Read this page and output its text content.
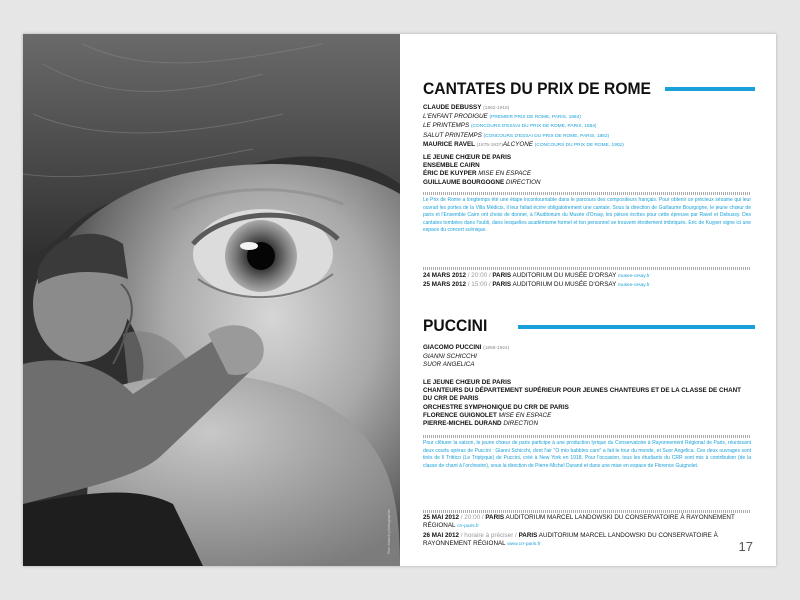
Ron Mueck photographie
CANTATES DU PRIX DE ROME
CLAUDE DEBUSSY (1862-1918)
L'ENFANT PRODIGUE (PREMIER PRIX DE ROME, PARIS, 1884)
LE PRINTEMPS (CONCOURS D'ESSAI DU PRIX DE ROME, PARIS, 1884)
SALUT PRINTEMPS (CONCOURS D'ESSAI DU PRIX DE ROME, PARIS, 1882)
MAURICE RAVEL (1875-1937)ALCYONE (CONCOURS DU PRIX DE ROME, 1902)
LE JEUNE CHŒUR DE PARIS
ENSEMBLE CAIRN
ÉRIC DE KUYPER MISE EN ESPACE
GUILLAUME BOURGOGNE DIRECTION
Le Prix de Rome a longtemps été une étape incontournable dans le parcours des compositeurs français. Pour obtenir ce précieux sésame qui leur ouvrait les portes de la Villa Médicis, il leur fallait écrire obligatoirement une cantate. Sous la direction de Guillaume Bourgogne, le jeune chœur de paris et l'Ensemble Cairn ont choisi de donner, à l'Auditorium du Musée d'Orsay, les pièces écrites pour cette épreuve par Ravel et Debussy. Des cantates tombées dans l'oubli, dans lesquelles académisme formel et ton personnel se trouvent étroitement imbriqués. Eric de Kuyper signe ici une espace du concert scénique.
24 MARS 2012 / 20:00 / PARIS AUDITORIUM DU MUSÉE D'ORSAY musee-orsay.fr
25 MARS 2012 / 15:00 / PARIS AUDITORIUM DU MUSÉE D'ORSAY musee-orsay.fr
PUCCINI
GIACOMO PUCCINI (1858-1924)
GIANNI SCHICCHI
SUOR ANGELICA
LE JEUNE CHŒUR DE PARIS
CHANTEURS DU DÉPARTEMENT SUPÉRIEUR POUR JEUNES CHANTEURS ET DE LA CLASSE DE CHANT DU CRR DE PARIS
ORCHESTRE SYMPHONIQUE DU CRR DE PARIS
FLORENCE GUIGNOLET MISE EN ESPACE
PIERRE-MICHEL DURAND DIRECTION
Pour clôturer la saison, le jeune chœur de paris participe à une production lyrique du Conservatoire à Rayonnement Régional de Paris, réunissant deux courts opéras de Puccini : Gianni Schicchi, dont l'air "O mio babbino caro" a fait le tour du monde, et Suor Angelica. Ces deux ouvrages sont tirés de Il Trittico (Le Triptyque) de Puccini, créé à New York en 1918. Pour l'occasion, tous les étudiants du CRR sont mis à contribution (de la classe de chant à l'orchestre), sous la direction de Pierre-Michel Durand et dans une mise en espace de Florence Guignolet.
25 MAI 2012 / 20:00 / PARIS AUDITORIUM MARCEL LANDOWSKI DU CONSERVATOIRE À RAYONNEMENT RÉGIONAL crr-paris.fr
26 MAI 2012 / horaire à préciser / PARIS AUDITORIUM MARCEL LANDOWSKI DU CONSERVATOIRE À RAYONNEMENT RÉGIONAL www.crr-paris.fr	17
